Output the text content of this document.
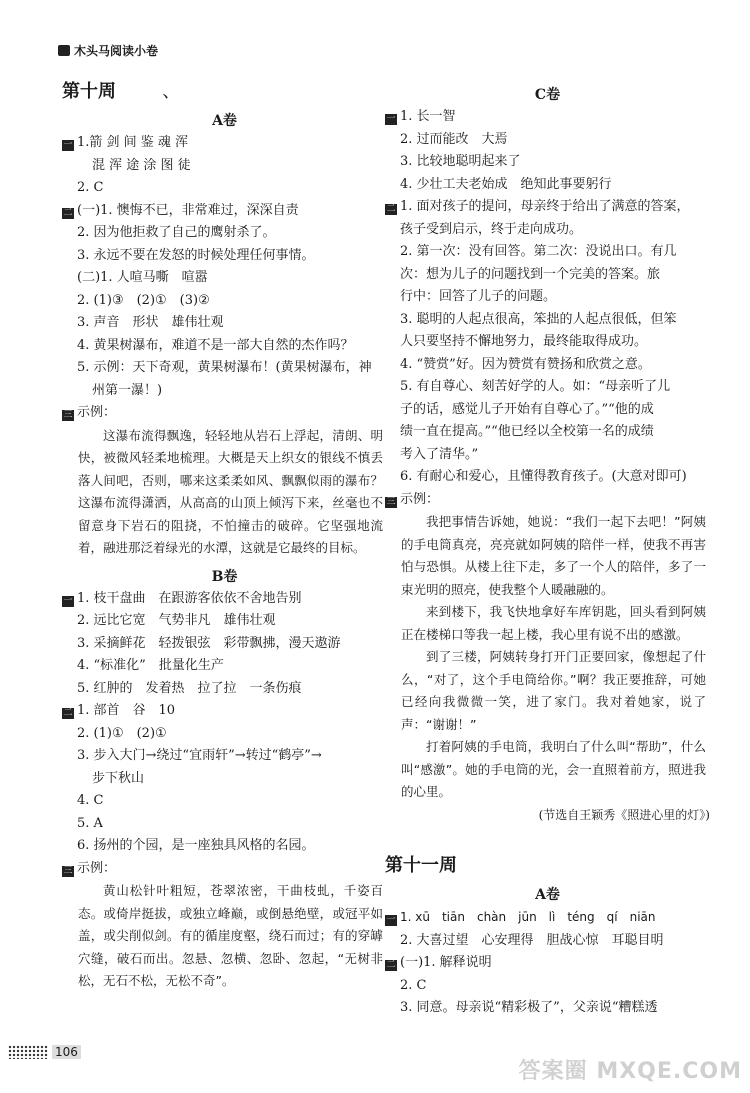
木头马阅读小卷
第十周	、
A卷
一 1.箭 剑 间 鉴 魂 浑
混 浑 途 涂 图 徒
2. C
二 (一)1. 懊悔不已，非常难过，深深自责
2. 因为他拒救了自己的鹰射杀了。
3. 永远不要在发怒的时候处理任何事情。
(二)1. 人喧马嘶　喧嚣
2. (1)③　(2)①　(3)②
3. 声音　形状　雄伟壮观
4. 黄果树瀑布，难道不是一部大自然的杰作吗？
5. 示例：天下奇观，黄果树瀑布！(黄果树瀑布，神
州第一瀑！)
三 示例：

这瀑布流得飘逸，轻轻地从岩石上浮起，清朗、明快，被微风轻柔地梳理。大概是天上织女的银线不慎丢落人间吧，否则，哪来这柔柔如风、飘飘似雨的瀑布？这瀑布流得潇洒，从高高的山顶上倾泻下来，丝毫也不留意身下岩石的阻挠，不怕撞击的破碎。它坚强地流着，融进那泛着绿光的水潭，这就是它最终的目标。

B卷
一 1. 枝干盘曲　在跟游客依依不舍地告别
2. 远比它宽　气势非凡　雄伟壮观
3. 采摘鲜花　轻拨银弦　彩带飘拂，漫天遨游
4. “标准化”　批量化生产
5. 红肿的　发着热　拉了拉　一条伤痕
二 1. 部首　谷　10
2. (1)①　(2)①
3. 步入大门→绕过“宜雨轩”→转过“鹤亭”→
步下秋山
4. C
5. A
6. 扬州的个园，是一座独具风格的名园。
三 示例：

黄山松针叶粗短，苍翠浓密，干曲枝虬，千姿百态。或倚岸挺拔，或独立峰巅，或倒悬绝壁，或冠平如盖，或尖削似剑。有的循崖度壑，绕石而过；有的穿罅穴缝，破石而出。忽悬、忽横、忽卧、忽起，“无树非松，无石不松，无松不奇”。

C卷
一 1. 长一智
2. 过而能改　大焉
3. 比较地聪明起来了
4. 少壮工夫老始成　绝知此事要躬行
二 1. 面对孩子的提问，母亲终于给出了满意的答案，
孩子受到启示，终于走向成功。
2. 第一次：没有回答。第二次：没说出口。有几
次：想为儿子的问题找到一个完美的答案。旅
行中：回答了儿子的问题。
3. 聪明的人起点很高，笨拙的人起点很低，但笨
人只要坚持不懈地努力，最终能取得成功。
4. “赞赏”好。因为赞赏有赞扬和欣赏之意。
5. 有自尊心、刻苦好学的人。如：“母亲听了儿
子的话，感觉儿子开始有自尊心了。”“他的成
绩一直在提高。”“他已经以全校第一名的成绩
考入了清华。”
6. 有耐心和爱心，且懂得教育孩子。(大意对即可)
三 示例：

我把事情告诉她，她说：“我们一起下去吧！”阿姨的手电筒真亮，亮亮就如阿姨的陪伴一样，使我不再害怕与恐惧。从楼上往下走，多了一个人的陪伴，多了一束光明的照亮，使我整个人暖融融的。

来到楼下，我飞快地拿好车库钥匙，回头看到阿姨正在楼梯口等我一起上楼，我心里有说不出的感激。

到了三楼，阿姨转身打开门正要回家，像想起了什么，“对了，这个手电筒给你。”啊？我正要推辞，可她已经向我微微一笑，进了家门。我对着她家，说了声：“谢谢！”

打着阿姨的手电筒，我明白了什么叫“帮助”，什么叫“感激”。她的手电筒的光，会一直照着前方，照进我的心里。

(节选自王颖秀《照进心里的灯》)
第十一周
A卷
一 1. xū　tiān　chàn　jūn　lì　téng　qí　niān
2. 大喜过望　心安理得　胆战心惊　耳聪目明
二 (一)1. 解释说明
2. C
3. 同意。母亲说“精彩极了”，父亲说“糟糕透
106
答案圈 MXQE.COM
